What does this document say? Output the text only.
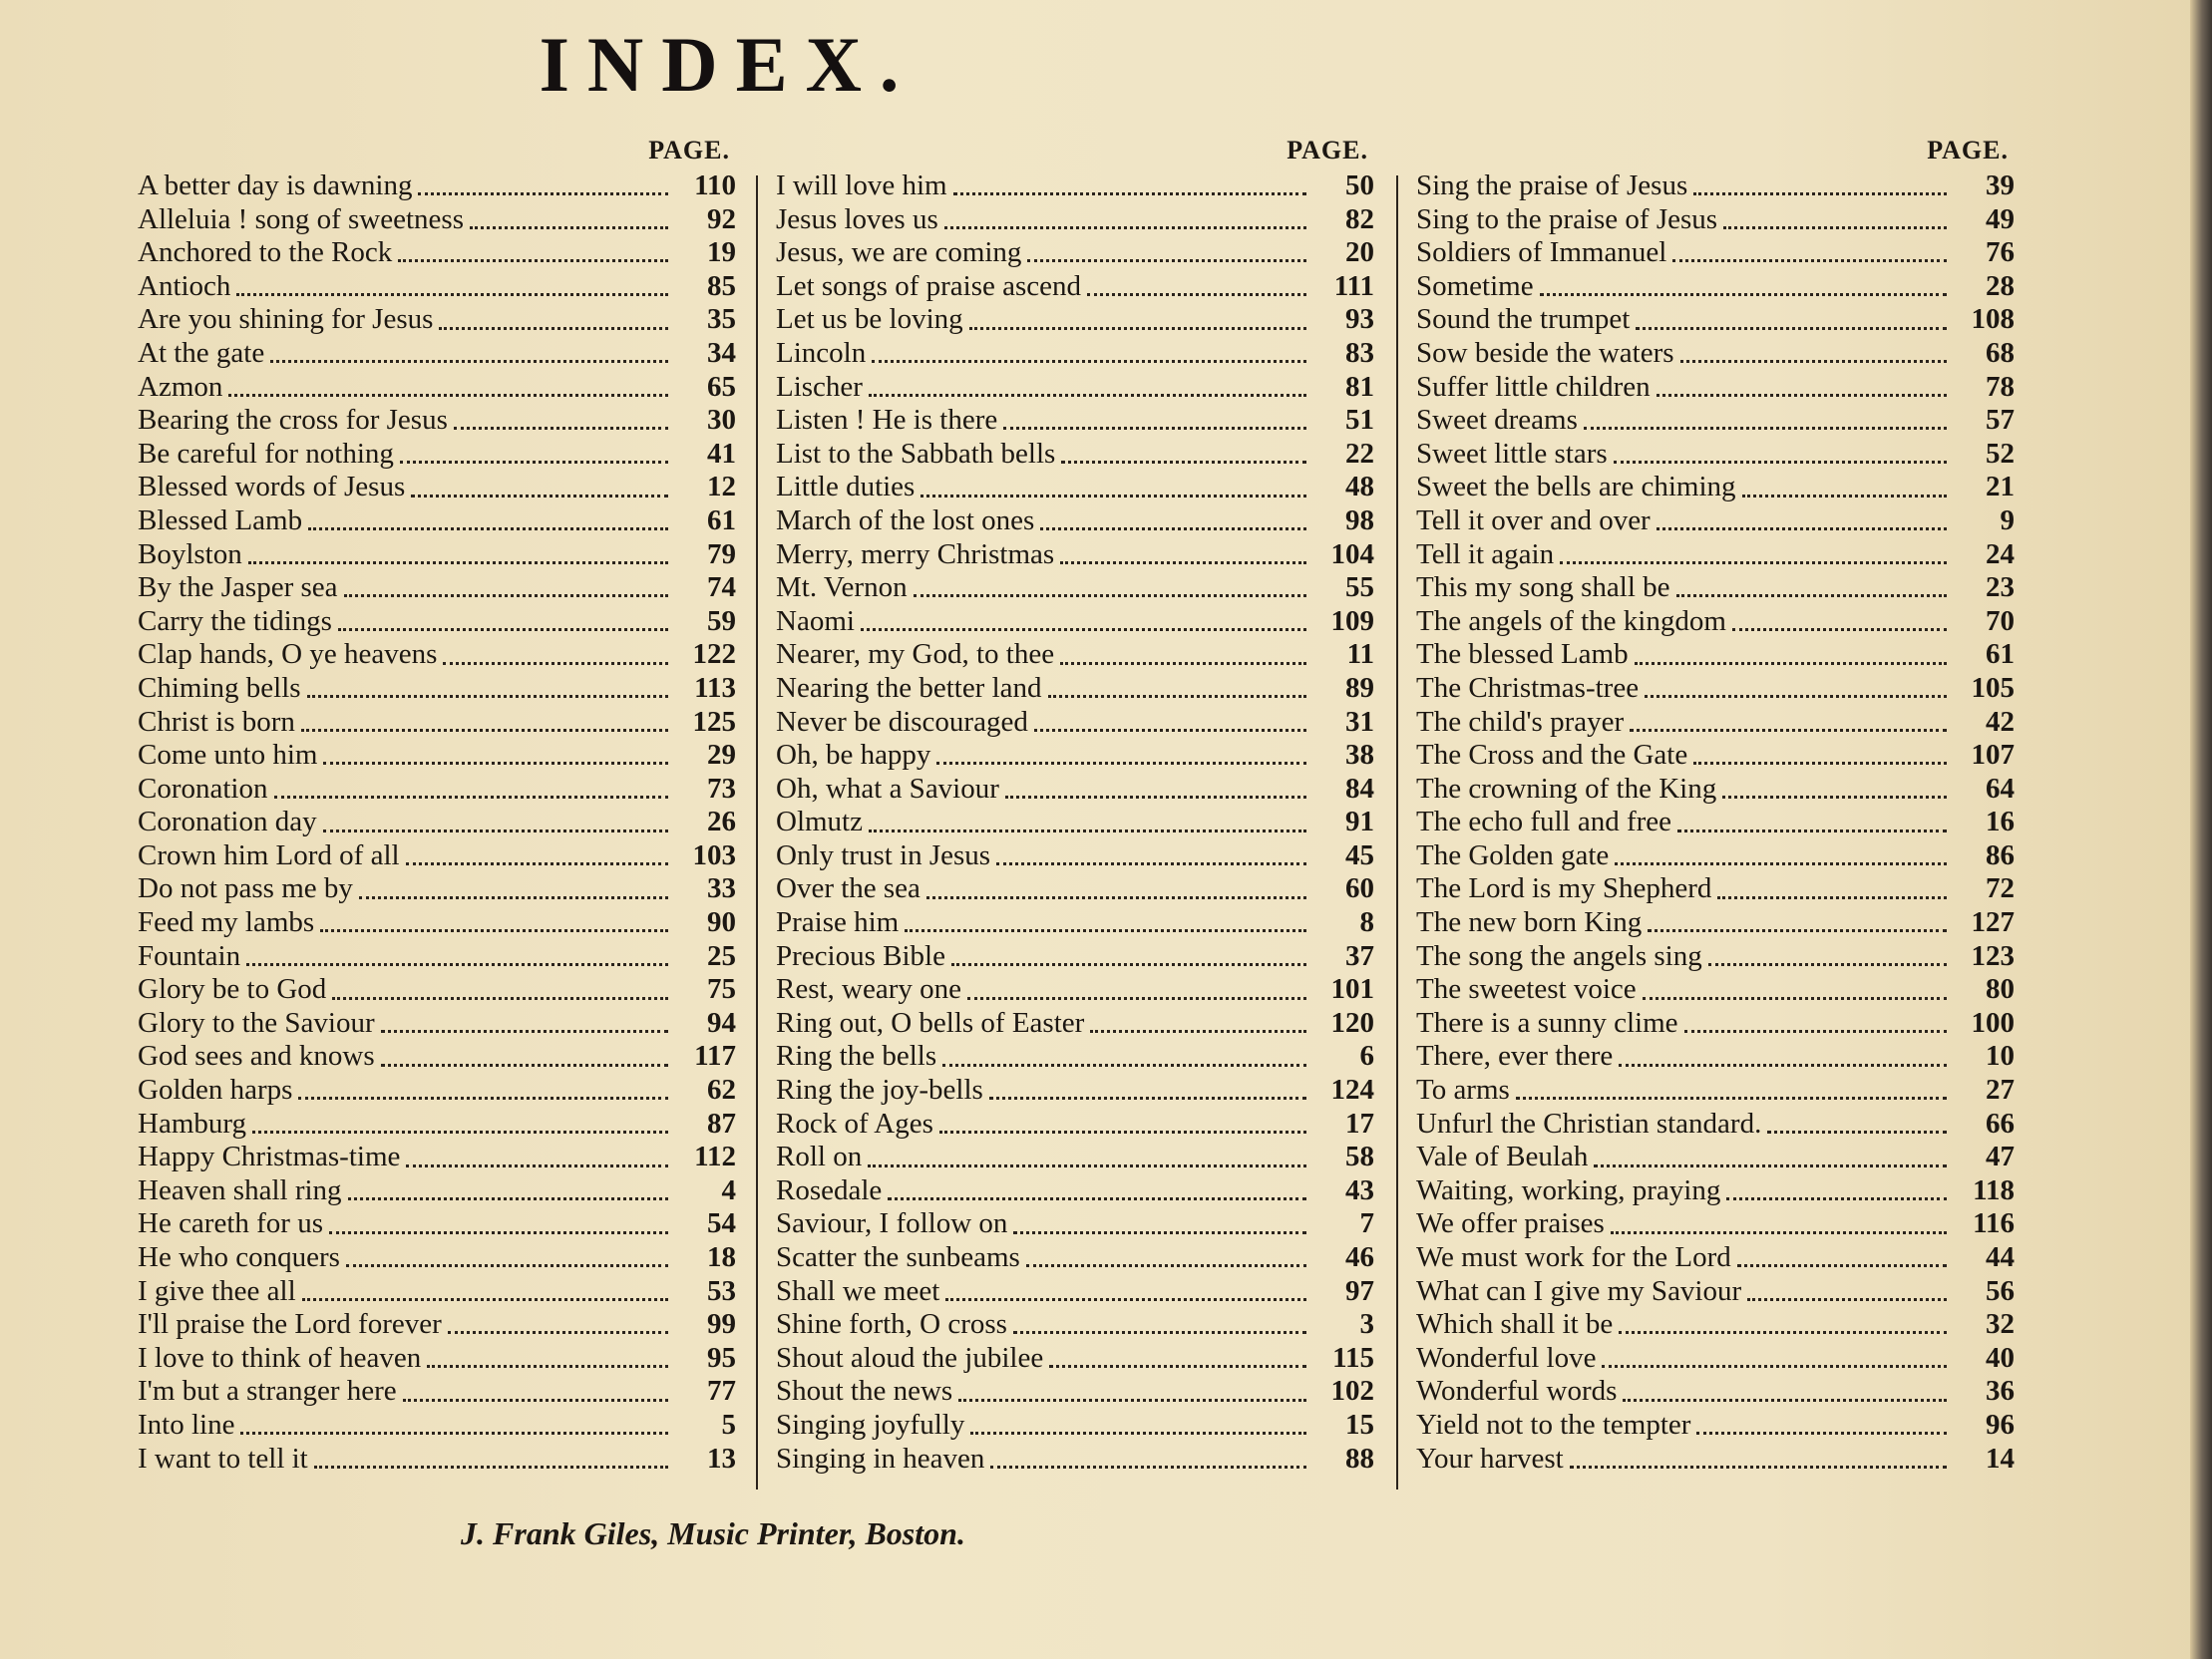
INDEX.
PAGE.
A better day is dawning	110
Alleluia ! song of sweetness	92
Anchored to the Rock	19
Antioch	85
Are you shining for Jesus	35
At the gate	34
Azmon	65
Bearing the cross for Jesus	30
Be careful for nothing	41
Blessed words of Jesus	12
Blessed Lamb	61
Boylston	79
By the Jasper sea	74
Carry the tidings	59
Clap hands, O ye heavens	122
Chiming bells	113
Christ is born	125
Come unto him	29
Coronation	73
Coronation day	26
Crown him Lord of all	103
Do not pass me by	33
Feed my lambs	90
Fountain	25
Glory be to God	75
Glory to the Saviour	94
God sees and knows	117
Golden harps	62
Hamburg	87
Happy Christmas-time	112
Heaven shall ring	4
He careth for us	54
He who conquers	18
I give thee all	53
I'll praise the Lord forever	99
I love to think of heaven	95
I'm but a stranger here	77
Into line	5
I want to tell it	13
PAGE.
I will love him	50
Jesus loves us	82
Jesus, we are coming	20
Let songs of praise ascend	111
Let us be loving	93
Lincoln	83
Lischer	81
Listen ! He is there	51
List to the Sabbath bells	22
Little duties	48
March of the lost ones	98
Merry, merry Christmas	104
Mt. Vernon	55
Naomi	109
Nearer, my God, to thee	11
Nearing the better land	89
Never be discouraged	31
Oh, be happy	38
Oh, what a Saviour	84
Olmutz	91
Only trust in Jesus	45
Over the sea	60
Praise him	8
Precious Bible	37
Rest, weary one	101
Ring out, O bells of Easter	120
Ring the bells	6
Ring the joy-bells	124
Rock of Ages	17
Roll on	58
Rosedale	43
Saviour, I follow on	7
Scatter the sunbeams	46
Shall we meet	97
Shine forth, O cross	3
Shout aloud the jubilee	115
Shout the news	102
Singing joyfully	15
Singing in heaven	88
PAGE.
Sing the praise of Jesus	39
Sing to the praise of Jesus	49
Soldiers of Immanuel	76
Sometime	28
Sound the trumpet	108
Sow beside the waters	68
Suffer little children	78
Sweet dreams	57
Sweet little stars	52
Sweet the bells are chiming	21
Tell it over and over	9
Tell it again	24
This my song shall be	23
The angels of the kingdom	70
The blessed Lamb	61
The Christmas-tree	105
The child's prayer	42
The Cross and the Gate	107
The crowning of the King	64
The echo full and free	16
The Golden gate	86
The Lord is my Shepherd	72
The new born King	127
The song the angels sing	123
The sweetest voice	80
There is a sunny clime	100
There, ever there	10
To arms	27
Unfurl the Christian standard.	66
Vale of Beulah	47
Waiting, working, praying	118
We offer praises	116
We must work for the Lord	44
What can I give my Saviour	56
Which shall it be	32
Wonderful love	40
Wonderful words	36
Yield not to the tempter	96
Your harvest	14
J. Frank Giles, Music Printer, Boston.
